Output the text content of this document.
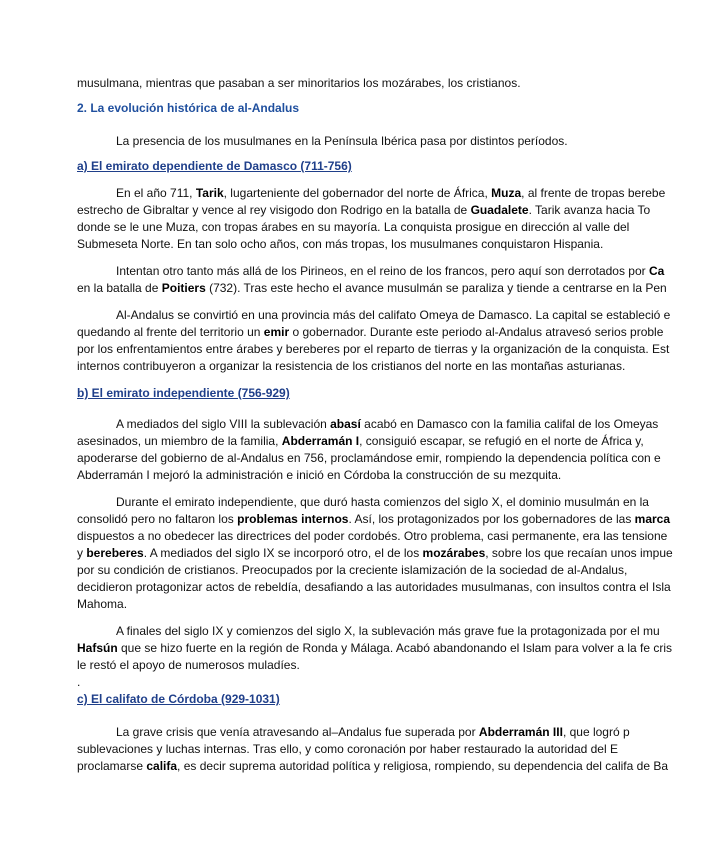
musulmana, mientras que pasaban a ser minoritarios los mozárabes, los cristianos.
2. La evolución histórica de al-Andalus
La presencia de los musulmanes en la Península Ibérica pasa por distintos períodos.
a) El emirato dependiente de Damasco (711-756)
En el año 711, Tarik, lugarteniente del gobernador del norte de África, Muza, al frente de tropas berebe
estrecho de Gibraltar y vence al rey visigodo don Rodrigo en la batalla de Guadalete. Tarik avanza hacia To
donde se le une Muza, con tropas árabes en su mayoría. La conquista prosigue en dirección al valle del
Submeseta Norte. En tan solo ocho años, con más tropas, los musulmanes conquistaron Hispania.
Intentan otro tanto más allá de los Pirineos, en el reino de los francos, pero aquí son derrotados por Ca
en la batalla de Poitiers (732). Tras este hecho el avance musulmán se paraliza y tiende a centrarse en la Pen
Al-Andalus se convirtió en una provincia más del califato Omeya de Damasco. La capital se estableció e
quedando al frente del territorio un emir o gobernador. Durante este periodo al-Andalus atravesó serios proble
por los enfrentamientos entre árabes y bereberes por el reparto de tierras y la organización de la conquista. Est
internos contribuyeron a organizar la resistencia de los cristianos del norte en las montañas asturianas.
b) El emirato independiente (756-929)
A mediados del siglo VIII la sublevación abasí acabó en Damasco con la familia califal de los Omeyas
asesinados, un miembro de la familia, Abderramán I, consiguió escapar, se refugió en el norte de África y,
apoderarse del gobierno de al-Andalus en 756, proclamándose emir, rompiendo la dependencia política con e
Abderramán I mejoró la administración e inició en Córdoba la construcción de su mezquita.
Durante el emirato independiente, que duró hasta comienzos del siglo X, el dominio musulmán en la
consolidó pero no faltaron los problemas internos. Así, los protagonizados por los gobernadores de las marca
dispuestos a no obedecer las directrices del poder cordobés. Otro problema, casi permanente, era las tensione
y bereberes. A mediados del siglo IX se incorporó otro, el de los mozárabes, sobre los que recaían unos impue
por su condición de cristianos. Preocupados por la creciente islamización de la sociedad de al-Andalus,
decidieron protagonizar actos de rebeldía, desafiando a las autoridades musulmanas, con insultos contra el Isla
Mahoma.
A finales del siglo IX y comienzos del siglo X, la sublevación más grave fue la protagonizada por el mu
Hafsún que se hizo fuerte en la región de Ronda y Málaga. Acabó abandonando el Islam para volver a la fe cris
le restó el apoyo de numerosos muladíes.
.
c) El califato de Córdoba (929-1031)
La grave crisis que venía atravesando al–Andalus fue superada por Abderramán III, que logró p
sublevaciones y luchas internas. Tras ello, y como coronación por haber restaurado la autoridad del E
proclamarse califa, es decir suprema autoridad política y religiosa, rompiendo, su dependencia del califa de Ba
